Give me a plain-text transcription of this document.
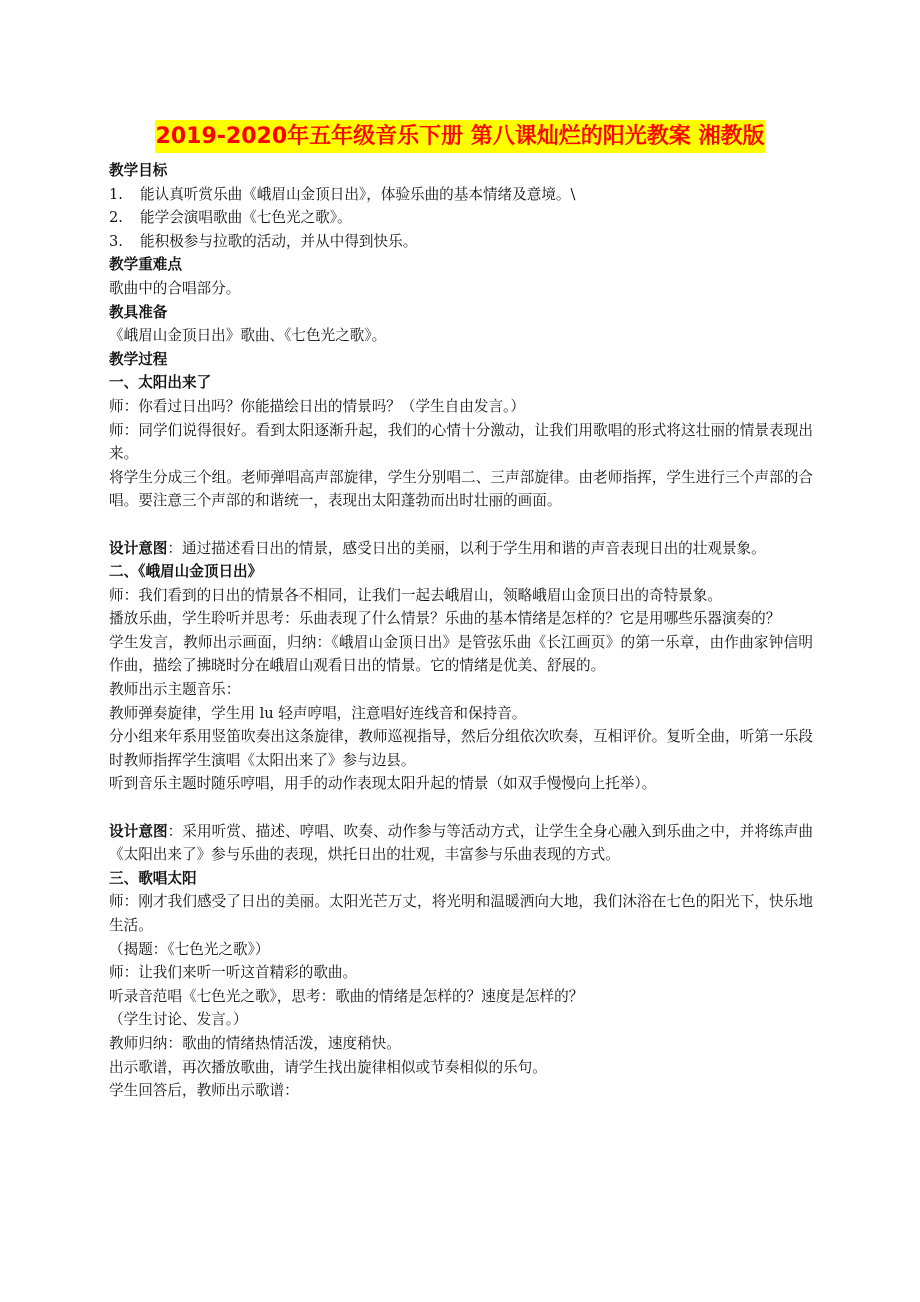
2019-2020年五年级音乐下册 第八课灿烂的阳光教案 湘教版

教学目标

1.	能认真听赏乐曲《峨眉山金顶日出》，体验乐曲的基本情绪及意境。\
2.	能学会演唱歌曲《七色光之歌》。
3.	能积极参与拉歌的活动，并从中得到快乐。

教学重难点

歌曲中的合唱部分。

教具准备

《峨眉山金顶日出》歌曲、《七色光之歌》。

教学过程

一、太阳出来了

师：你看过日出吗？你能描绘日出的情景吗？（学生自由发言。）

师：同学们说得很好。看到太阳逐渐升起，我们的心情十分激动，让我们用歌唱的形式将这壮丽的情景表现出来。

将学生分成三个组。老师弹唱高声部旋律，学生分别唱二、三声部旋律。由老师指挥，学生进行三个声部的合唱。要注意三个声部的和谐统一，表现出太阳蓬勃而出时壮丽的画面。

设计意图：通过描述看日出的情景，感受日出的美丽，以利于学生用和谐的声音表现日出的壮观景象。

二、《峨眉山金顶日出》

师：我们看到的日出的情景各不相同，让我们一起去峨眉山，领略峨眉山金顶日出的奇特景象。

播放乐曲，学生聆听并思考：乐曲表现了什么情景？乐曲的基本情绪是怎样的？它是用哪些乐器演奏的？

学生发言，教师出示画面，归纳：《峨眉山金顶日出》是管弦乐曲《长江画页》的第一乐章，由作曲家钟信明作曲，描绘了拂晓时分在峨眉山观看日出的情景。它的情绪是优美、舒展的。

教师出示主题音乐：

教师弹奏旋律，学生用 lu 轻声哼唱，注意唱好连线音和保持音。

分小组来年系用竖笛吹奏出这条旋律，教师巡视指导，然后分组依次吹奏，互相评价。复听全曲，听第一乐段时教师指挥学生演唱《太阳出来了》参与边县。

听到音乐主题时随乐哼唱，用手的动作表现太阳升起的情景（如双手慢慢向上托举）。

设计意图：采用听赏、描述、哼唱、吹奏、动作参与等活动方式，让学生全身心融入到乐曲之中，并将练声曲《太阳出来了》参与乐曲的表现，烘托日出的壮观，丰富参与乐曲表现的方式。

三、歌唱太阳

师：刚才我们感受了日出的美丽。太阳光芒万丈，将光明和温暖洒向大地，我们沐浴在七色的阳光下，快乐地生活。

（揭题：《七色光之歌》）

师：让我们来听一听这首精彩的歌曲。

听录音范唱《七色光之歌》，思考：歌曲的情绪是怎样的？速度是怎样的？

（学生讨论、发言。）

教师归纳：歌曲的情绪热情活泼，速度稍快。

出示歌谱，再次播放歌曲，请学生找出旋律相似或节奏相似的乐句。

学生回答后，教师出示歌谱：
